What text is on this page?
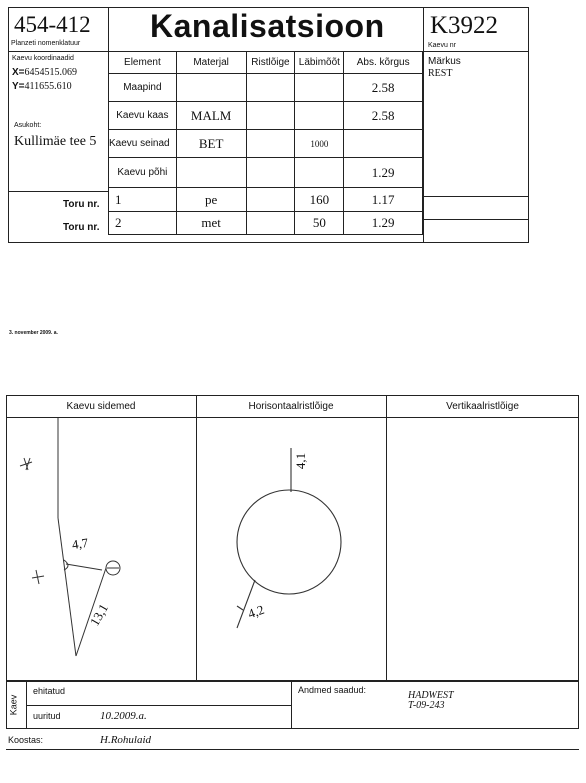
454-412
Planzeti nomenklatuur Kanalisatsioon K3922
Kaevu nr
Kaevu koordinaadid
X=6454515.069
Y=411655.610
Asukoht:
Kullimäe tee 5
Element	Materjal	Ristlõige	Läbimõõt	Abs. kõrgus
Maapind				2.58
Kaevu kaas	MALM			2.58
Kaevu seinad	BET		1000	
Kaevu põhi				1.29
1	pe		160	1.17
2	met		50	1.29
Märkus
REST
Toru nr.
Toru nr.
3. november 2009. a.
Kaevu sidemed	Horisontaalristlõige	Vertikaalristlõige
4,7
13,1
4,1
4,2
Kaev
ehitatud
uuritud	10.2009.a.
Andmed saadud:	HADWEST
T-09-243
Koostas:	H.Rohulaid
